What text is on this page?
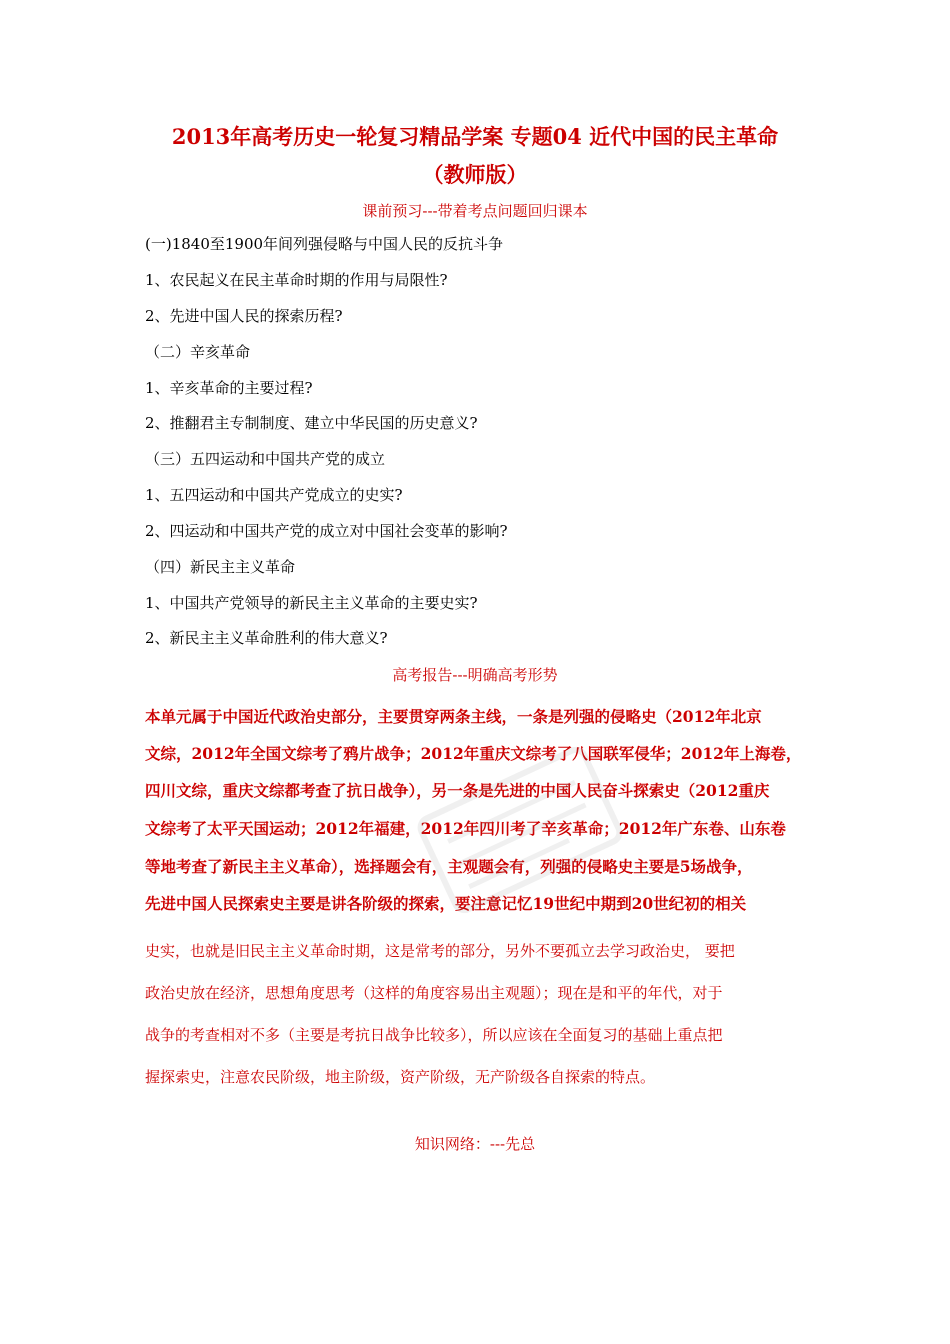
2013年高考历史一轮复习精品学案 专题04 近代中国的民主革命
（教师版）
课前预习---带着考点问题回归课本
(一)1840至1900年间列强侵略与中国人民的反抗斗争
1、农民起义在民主革命时期的作用与局限性?
2、先进中国人民的探索历程?
（二）辛亥革命
1、辛亥革命的主要过程?
2、推翻君主专制制度、建立中华民国的历史意义?
（三）五四运动和中国共产党的成立
1、五四运动和中国共产党成立的史实?
2、四运动和中国共产党的成立对中国社会变革的影响?
（四）新民主主义革命
1、中国共产党领导的新民主主义革命的主要史实?
2、新民主主义革命胜利的伟大意义?
高考报告---明确高考形势
本单元属于中国近代政治史部分，主要贯穿两条主线，一条是列强的侵略史（2012年北京
文综，2012年全国文综考了鸦片战争；2012年重庆文综考了八国联军侵华；2012年上海卷，
四川文综，重庆文综都考查了抗日战争），另一条是先进的中国人民奋斗探索史（2012重庆
文综考了太平天国运动；2012年福建，2012年四川考了辛亥革命；2012年广东卷、山东卷
等地考查了新民主主义革命），选择题会有，主观题会有，列强的侵略史主要是5场战争，
先进中国人民探索史主要是讲各阶级的探索，要注意记忆19世纪中期到20世纪初的相关
史实，也就是旧民主主义革命时期，这是常考的部分，另外不要孤立去学习政治史， 要把
政治史放在经济，思想角度思考（这样的角度容易出主观题）；现在是和平的年代，对于
战争的考查相对不多（主要是考抗日战争比较多），所以应该在全面复习的基础上重点把
握探索史，注意农民阶级，地主阶级，资产阶级，无产阶级各自探索的特点。
知识网络：---先总
